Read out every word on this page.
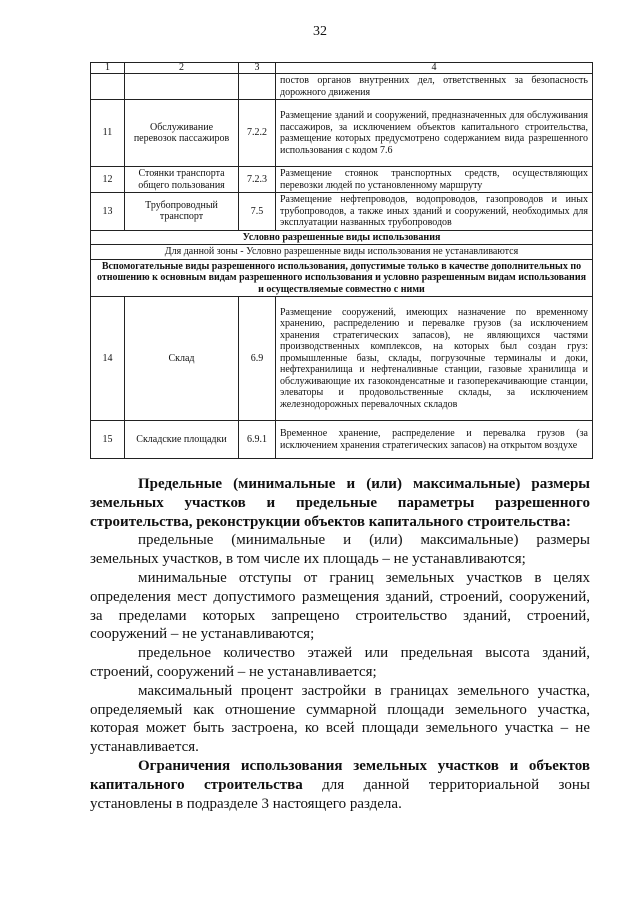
32
1	2	3	4
			постов органов внутренних дел, ответственных за безопасность дорожного движения
11	Обслуживание перевозок пассажиров	7.2.2	Размещение зданий и сооружений, предназначенных для обслуживания пассажиров, за исключением объектов капитального строительства, размещение которых предусмотрено содержанием вида разрешенного использования с кодом 7.6
12	Стоянки транспорта общего пользования	7.2.3	Размещение стоянок транспортных средств, осуществляющих перевозки людей по установленному маршруту
13	Трубопроводный транспорт	7.5	Размещение нефтепроводов, водопроводов, газопроводов и иных трубопроводов, а также иных зданий и сооружений, необходимых для эксплуатации названных трубопроводов
Условно разрешенные виды использования			
Для данной зоны - Условно разрешенные виды использования не устанавливаются			
Вспомогательные виды разрешенного использования, допустимые только в качестве дополнительных по отношению к основным видам разрешенного использования и условно разрешенным видам использования и осуществляемые совместно с ними			
14	Склад	6.9	Размещение сооружений, имеющих назначение по временному хранению, распределению и перевалке грузов (за исключением хранения стратегических запасов), не являющихся частями производственных комплексов, на которых был создан груз: промышленные базы, склады, погрузочные терминалы и доки, нефтехранилища и нефтеналивные станции, газовые хранилища и обслуживающие их газоконденсатные и газоперекачивающие станции, элеваторы и продовольственные склады, за исключением железнодорожных перевалочных складов
15	Складские площадки	6.9.1	Временное хранение, распределение и перевалка грузов (за исключением хранения стратегических запасов) на открытом воздухе

Предельные (минимальные и (или) максимальные) размеры земельных участков и предельные параметры разрешенного строительства, реконструкции объектов капитального строительства:

предельные (минимальные и (или) максимальные) размеры земельных участков, в том числе их площадь – не устанавливаются;

минимальные отступы от границ земельных участков в целях определения мест допустимого размещения зданий, строений, сооружений, за пределами которых запрещено строительство зданий, строений, сооружений – не устанавливаются;

предельное количество этажей или предельная высота зданий, строений, сооружений – не устанавливается;

максимальный процент застройки в границах земельного участка, определяемый как отношение суммарной площади земельного участка, которая может быть застроена, ко всей площади земельного участка – не устанавливается.

Ограничения использования земельных участков и объектов капитального строительства для данной территориальной зоны установлены в подразделе 3 настоящего раздела.
